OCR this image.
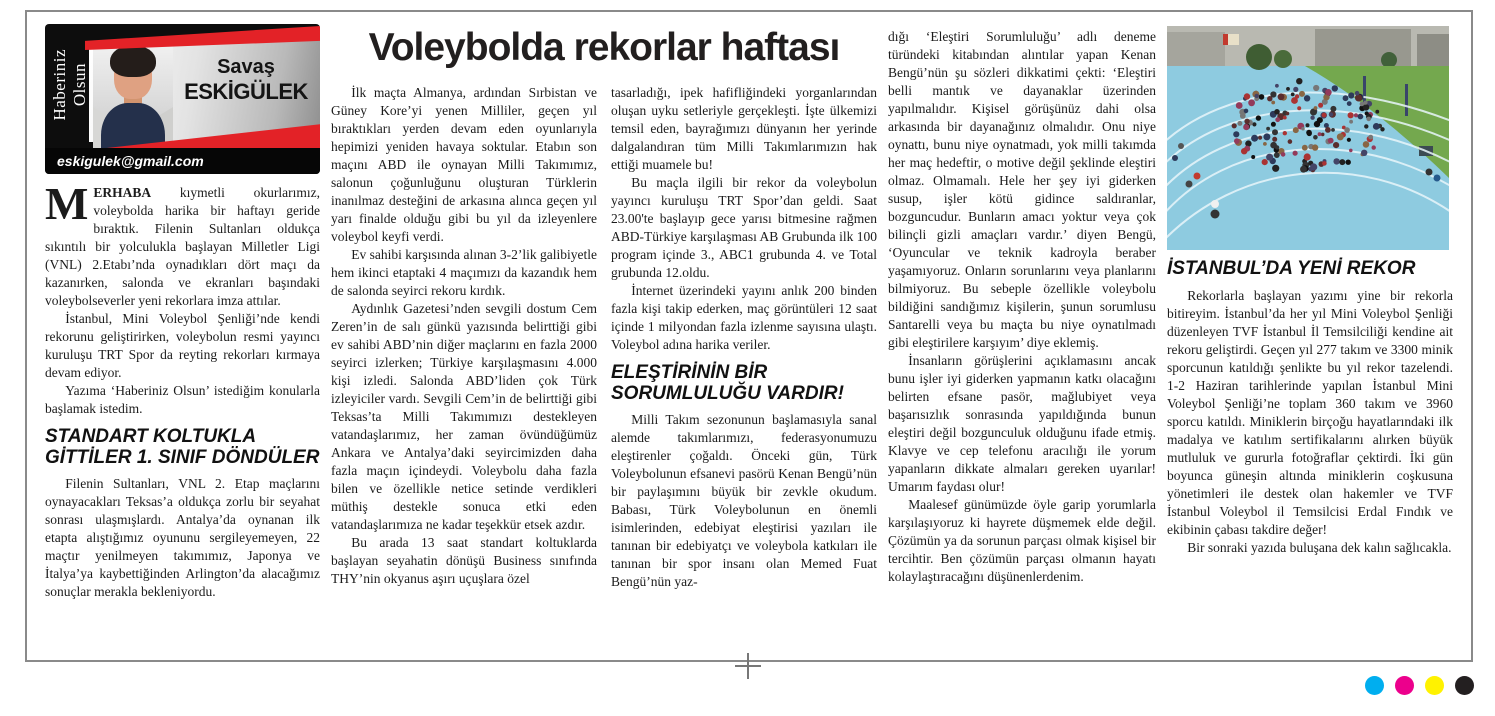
Haberiniz Olsun	Savaş
ESKİGÜLEK
eskigulek@gmail.com

MERHABA kıymetli okurlarımız, voleybolda harika bir haftayı geride bıraktık. Filenin Sultanları oldukça sıkıntılı bir yolculukla başlayan Milletler Ligi (VNL) 2.Etabı’nda oynadıkları dört maçı da kazanırken, salonda ve ekranları başındaki voleybolseverler yeni rekorlara imza attılar.

İstanbul, Mini Voleybol Şenliği’nde kendi rekorunu geliştirirken, voleybolun resmi yayıncı kuruluşu TRT Spor da reyting rekorları kırmaya devam ediyor.

Yazıma ‘Haberiniz Olsun’ istediğim konularla başlamak istedim.

STANDART KOLTUKLA GİTTİLER 1. SINIF DÖNDÜLER

Filenin Sultanları, VNL 2. Etap maçlarını oynayacakları Teksas’a oldukça zorlu bir seyahat sonrası ulaşmışlardı. Antalya’da oynanan ilk etapta alıştığımız oyununu sergileyemeyen, 22 maçtır yenilmeyen takımımız, Japonya ve İtalya’ya kaybettiğinden Arlington’da alacağımız sonuçlar merakla bekleniyordu.

Voleybolda rekorlar haftası

İlk maçta Almanya, ardından Sırbistan ve Güney Kore’yi yenen Milliler, geçen yıl bıraktıkları yerden devam eden oyunlarıyla hepimizi yeniden havaya soktular. Etabın son maçını ABD ile oynayan Milli Takımımız, salonun çoğunluğunu oluşturan Türklerin inanılmaz desteğini de arkasına alınca geçen yıl yarı finalde olduğu gibi bu yıl da izleyenlere voleybol keyfi verdi.

Ev sahibi karşısında alınan 3-2’lik galibiyetle hem ikinci etaptaki 4 maçımızı da kazandık hem de salonda seyirci rekoru kırdık.

Aydınlık Gazetesi’nden sevgili dostum Cem Zeren’in de salı günkü yazısında belirttiği gibi ev sahibi ABD’nin diğer maçlarını en fazla 2000 seyirci izlerken; Türkiye karşılaşmasını 4.000 kişi izledi. Salonda ABD’liden çok Türk izleyiciler vardı. Sevgili Cem’in de belirttiği gibi Teksas’ta Milli Takımımızı destekleyen vatandaşlarımız, her zaman övündüğümüz Ankara ve Antalya’daki seyircimizden daha fazla maçın içindeydi. Voleybolu daha fazla bilen ve özellikle netice setinde verdikleri müthiş destekle sonuca etki eden vatandaşlarımıza ne kadar teşekkür etsek azdır.

Bu arada 13 saat standart koltuklarda başlayan seyahatin dönüşü Business sınıfında THY’nin okyanus aşırı uçuşlara özel

tasarladığı, ipek hafifliğindeki yorganlarından oluşan uyku setleriyle gerçekleşti. İşte ülkemizi temsil eden, bayrağımızı dünyanın her yerinde dalgalandıran tüm Milli Takımlarımızın hak ettiği muamele bu!

Bu maçla ilgili bir rekor da voleybolun yayıncı kuruluşu TRT Spor’dan geldi. Saat 23.00'te başlayıp gece yarısı bitmesine rağmen ABD-Türkiye karşılaşması AB Grubunda ilk 100 program içinde 3., ABC1 grubunda 4. ve Total grubunda 12.oldu.

İnternet üzerindeki yayını anlık 200 binden fazla kişi takip ederken, maç görüntüleri 12 saat içinde 1 milyondan fazla izlenme sayısına ulaştı. Voleybol adına harika veriler.

ELEŞTİRİNİN BİR SORUMLULUĞU VARDIR!

Milli Takım sezonunun başlamasıyla sanal alemde takımlarımızı, federasyonumuzu eleştirenler çoğaldı. Önceki gün, Türk Voleybolunun efsanevi pasörü Kenan Bengü’nün bir paylaşımını büyük bir zevkle okudum. Babası, Türk Voleybolunun en önemli isimlerinden, edebiyat eleştirisi yazıları ile tanınan bir edebiyatçı ve voleybola katkıları ile tanınan bir spor insanı olan Memed Fuat Bengü’nün yaz-

dığı ‘Eleştiri Sorumluluğu’ adlı deneme türündeki kitabından alıntılar yapan Kenan Bengü’nün şu sözleri dikkatimi çekti: ‘Eleştiri belli mantık ve dayanaklar üzerinden yapılmalıdır. Kişisel görüşünüz dahi olsa arkasında bir dayanağınız olmalıdır. Onu niye oynattı, bunu niye oynatmadı, yok milli takımda her maç hedeftir, o motive değil şeklinde eleştiri olmaz. Olmamalı. Hele her şey iyi giderken susup, işler kötü gidince saldıranlar, bozguncudur. Bunların amacı yoktur veya çok bilinçli gizli amaçları vardır.’ diyen Bengü, ‘Oyuncular ve teknik kadroyla beraber yaşamıyoruz. Onların sorunlarını veya planlarını bilmiyoruz. Bu sebeple özellikle voleybolu bildiğini sandığımız kişilerin, şunun sorumlusu Santarelli veya bu maçta bu niye oynatılmadı gibi eleştirilere karşıyım’ diye eklemiş.

İnsanların görüşlerini açıklamasını ancak bunu işler iyi giderken yapmanın katkı olacağını belirten efsane pasör, mağlubiyet veya başarısızlık sonrasında yapıldığında bunun eleştiri değil bozgunculuk olduğunu ifade etmiş. Klavye ve cep telefonu aracılığı ile yorum yapanların dikkate almaları gereken uyarılar! Umarım faydası olur!

Maalesef günümüzde öyle garip yorumlarla karşılaşıyoruz ki hayrete düşmemek elde değil. Çözümün ya da sorunun parçası olmak kişisel bir tercihtir. Ben çözümün parçası olmanın hayatı kolaylaştıracağını düşünenlerdenim.

İSTANBUL’DA YENİ REKOR

Rekorlarla başlayan yazımı yine bir rekorla bitireyim. İstanbul’da her yıl Mini Voleybol Şenliği düzenleyen TVF İstanbul İl Temsilciliği kendine ait rekoru geliştirdi. Geçen yıl 277 takım ve 3300 minik sporcunun katıldığı şenlikte bu yıl rekor tazelendi. 1-2 Haziran tarihlerinde yapılan İstanbul Mini Voleybol Şenliği’ne toplam 360 takım ve 3960 sporcu katıldı. Miniklerin birçoğu hayatlarındaki ilk madalya ve katılım sertifikalarını alırken büyük mutluluk ve gururla fotoğraflar çektirdi. İki gün boyunca güneşin altında miniklerin coşkusuna yönetimleri ile destek olan hakemler ve TVF İstanbul Voleybol il Temsilcisi Erdal Fındık ve ekibinin çabası takdire değer!

Bir sonraki yazıda buluşana dek kalın sağlıcakla.
